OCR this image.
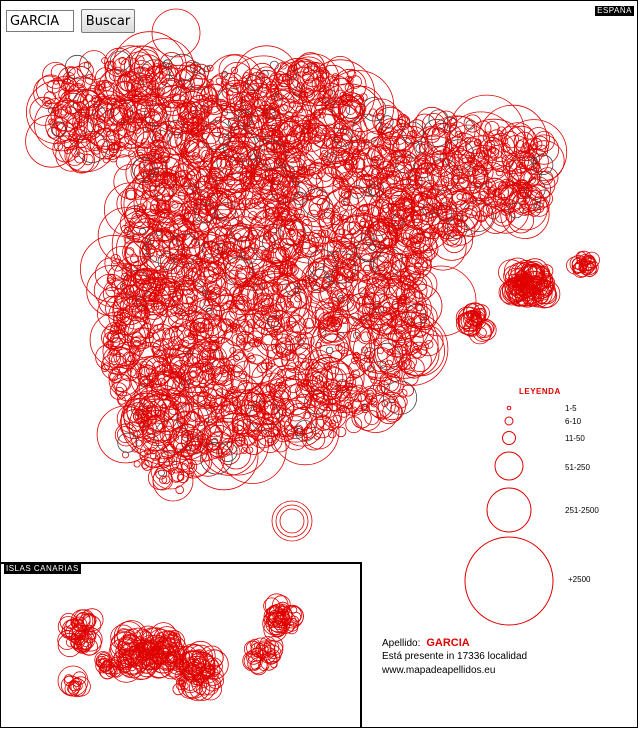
GARCIA
Buscar
ESPAÑA
ISLAS CANARIAS
LEYENDA
1-5
6-10
11-50
51-250
251-2500
+2500
Apellido: GARCIA
Está presente in 17336 localidad
www.mapadeapellidos.eu
